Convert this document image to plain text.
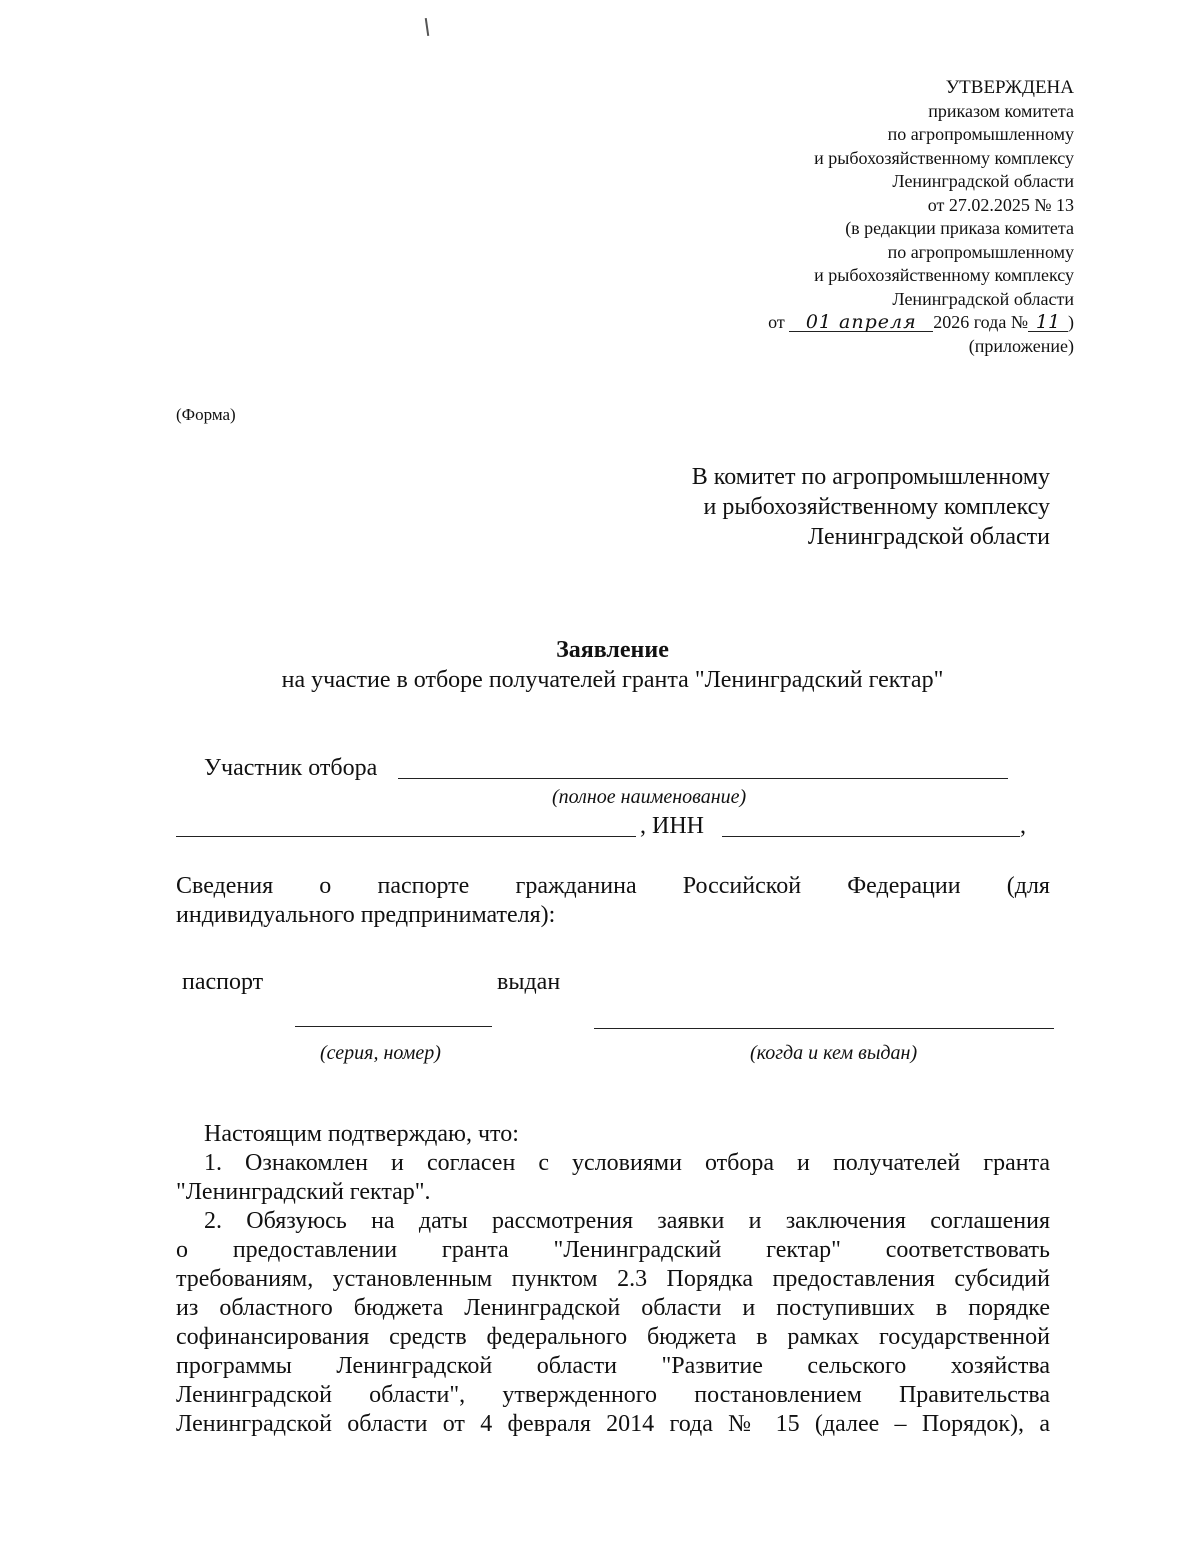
УТВЕРЖДЕНА
приказом комитета
по агропромышленному
и рыбохозяйственному комплексу
Ленинградской области
от 27.02.2025 № 13
(в редакции приказа комитета
по агропромышленному
и рыбохозяйственному комплексу
Ленинградской области
от 01 апреля 2026 года № 11 )
(приложение)
(Форма)
В комитет по агропромышленному
и рыбохозяйственному комплексу
Ленинградской области
Заявление
на участие в отборе получателей гранта "Ленинградский гектар"
Участник отбора
(полное наименование)
, ИНН	,
Сведения о паспорте гражданина Российской Федерации (для
индивидуального предпринимателя):
паспорт	выдан
(серия, номер)	(когда и кем выдан)
Настоящим подтверждаю, что:
1. Ознакомлен и согласен с условиями отбора и получателей гранта
"Ленинградский гектар".
2. Обязуюсь на даты рассмотрения заявки и заключения соглашения
о предоставлении гранта "Ленинградский гектар" соответствовать
требованиям, установленным пунктом 2.3 Порядка предоставления субсидий
из областного бюджета Ленинградской области и поступивших в порядке
софинансирования средств федерального бюджета в рамках государственной
программы Ленинградской области "Развитие сельского хозяйства
Ленинградской области", утвержденного постановлением Правительства
Ленинградской области от 4 февраля 2014 года № 15 (далее – Порядок), а
